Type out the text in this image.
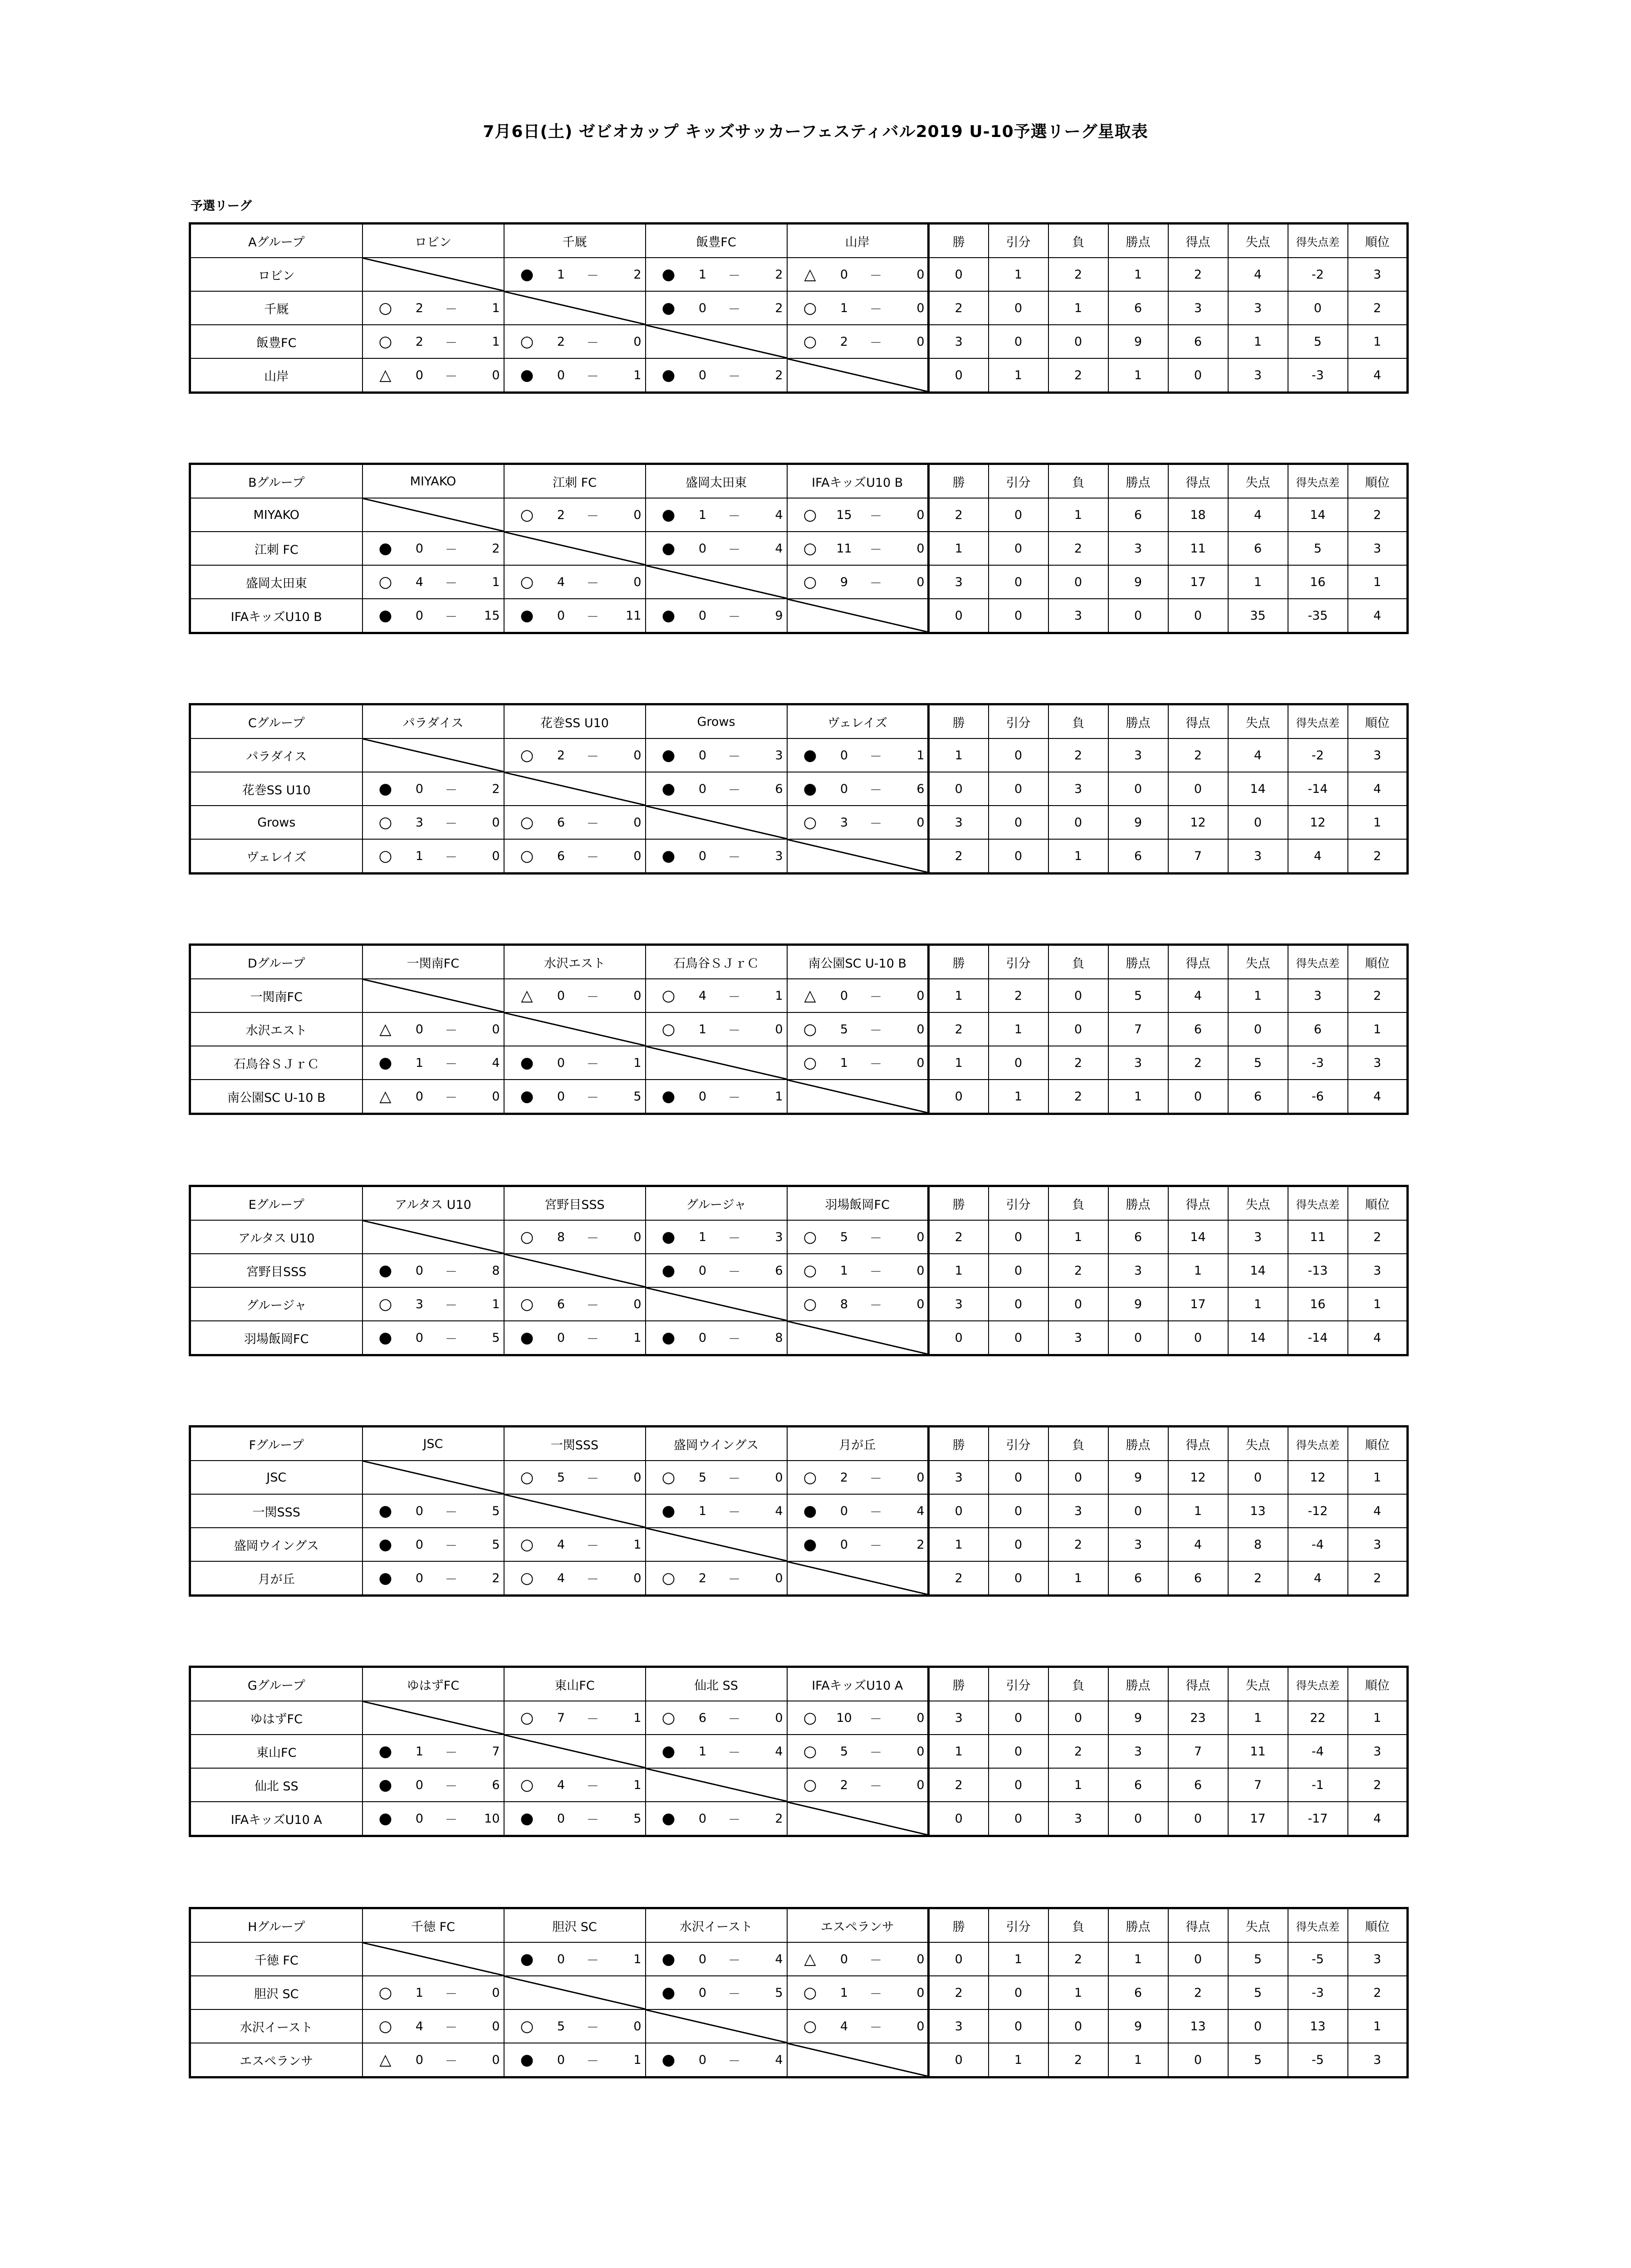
7月6日(土) ゼビオカップ キッズサッカーフェスティバル2019 U-10予選リーグ星取表
予選リーグ
Aグループ	ロビン	千厩	飯豊FC	山岸	勝	引分	負	勝点	得点	失点	得失点差	順位
ロビン		● 1 － 2	● 1 － 2	△ 0 － 0	0	1	2	1	2	4	-2	3
千厩	○ 2 － 1		● 0 － 2	○ 1 － 0	2	0	1	6	3	3	0	2
飯豊FC	○ 2 － 1	○ 2 － 0		○ 2 － 0	3	0	0	9	6	1	5	1
山岸	△ 0 － 0	● 0 － 1	● 0 － 2		0	1	2	1	0	3	-3	4
Bグループ	MIYAKO	江刺 FC	盛岡太田東	IFAキッズU10 B	勝	引分	負	勝点	得点	失点	得失点差	順位
MIYAKO		○ 2 － 0	● 1 － 4	○ 15 － 0	2	0	1	6	18	4	14	2
江刺 FC	● 0 － 2		● 0 － 4	○ 11 － 0	1	0	2	3	11	6	5	3
盛岡太田東	○ 4 － 1	○ 4 － 0		○ 9 － 0	3	0	0	9	17	1	16	1
IFAキッズU10 B	● 0 － 15	● 0 － 11	● 0 － 9		0	0	3	0	0	35	-35	4
Cグループ	パラダイス	花巻SS U10	Grows	ヴェレイズ	勝	引分	負	勝点	得点	失点	得失点差	順位
パラダイス		○ 2 － 0	● 0 － 3	● 0 － 1	1	0	2	3	2	4	-2	3
花巻SS U10	● 0 － 2		● 0 － 6	● 0 － 6	0	0	3	0	0	14	-14	4
Grows	○ 3 － 0	○ 6 － 0		○ 3 － 0	3	0	0	9	12	0	12	1
ヴェレイズ	○ 1 － 0	○ 6 － 0	● 0 － 3		2	0	1	6	7	3	4	2
Dグループ	一関南FC	水沢エスト	石鳥谷ＳＪｒＣ	南公園SC U-10 B	勝	引分	負	勝点	得点	失点	得失点差	順位
一関南FC		△ 0 － 0	○ 4 － 1	△ 0 － 0	1	2	0	5	4	1	3	2
水沢エスト	△ 0 － 0		○ 1 － 0	○ 5 － 0	2	1	0	7	6	0	6	1
石鳥谷ＳＪｒＣ	● 1 － 4	● 0 － 1		○ 1 － 0	1	0	2	3	2	5	-3	3
南公園SC U-10 B	△ 0 － 0	● 0 － 5	● 0 － 1		0	1	2	1	0	6	-6	4
Eグループ	アルタス U10	宮野目SSS	グルージャ	羽場飯岡FC	勝	引分	負	勝点	得点	失点	得失点差	順位
アルタス U10		○ 8 － 0	● 1 － 3	○ 5 － 0	2	0	1	6	14	3	11	2
宮野目SSS	● 0 － 8		● 0 － 6	○ 1 － 0	1	0	2	3	1	14	-13	3
グルージャ	○ 3 － 1	○ 6 － 0		○ 8 － 0	3	0	0	9	17	1	16	1
羽場飯岡FC	● 0 － 5	● 0 － 1	● 0 － 8		0	0	3	0	0	14	-14	4
Fグループ	JSC	一関SSS	盛岡ウイングス	月が丘	勝	引分	負	勝点	得点	失点	得失点差	順位
JSC		○ 5 － 0	○ 5 － 0	○ 2 － 0	3	0	0	9	12	0	12	1
一関SSS	● 0 － 5		● 1 － 4	● 0 － 4	0	0	3	0	1	13	-12	4
盛岡ウイングス	● 0 － 5	○ 4 － 1		● 0 － 2	1	0	2	3	4	8	-4	3
月が丘	● 0 － 2	○ 4 － 0	○ 2 － 0		2	0	1	6	6	2	4	2
Gグループ	ゆはずFC	東山FC	仙北 SS	IFAキッズU10 A	勝	引分	負	勝点	得点	失点	得失点差	順位
ゆはずFC		○ 7 － 1	○ 6 － 0	○ 10 － 0	3	0	0	9	23	1	22	1
東山FC	● 1 － 7		● 1 － 4	○ 5 － 0	1	0	2	3	7	11	-4	3
仙北 SS	● 0 － 6	○ 4 － 1		○ 2 － 0	2	0	1	6	6	7	-1	2
IFAキッズU10 A	● 0 － 10	● 0 － 5	● 0 － 2		0	0	3	0	0	17	-17	4
Hグループ	千徳 FC	胆沢 SC	水沢イースト	エスペランサ	勝	引分	負	勝点	得点	失点	得失点差	順位
千徳 FC		● 0 － 1	● 0 － 4	△ 0 － 0	0	1	2	1	0	5	-5	3
胆沢 SC	○ 1 － 0		● 0 － 5	○ 1 － 0	2	0	1	6	2	5	-3	2
水沢イースト	○ 4 － 0	○ 5 － 0		○ 4 － 0	3	0	0	9	13	0	13	1
エスペランサ	△ 0 － 0	● 0 － 1	● 0 － 4		0	1	2	1	0	5	-5	3
